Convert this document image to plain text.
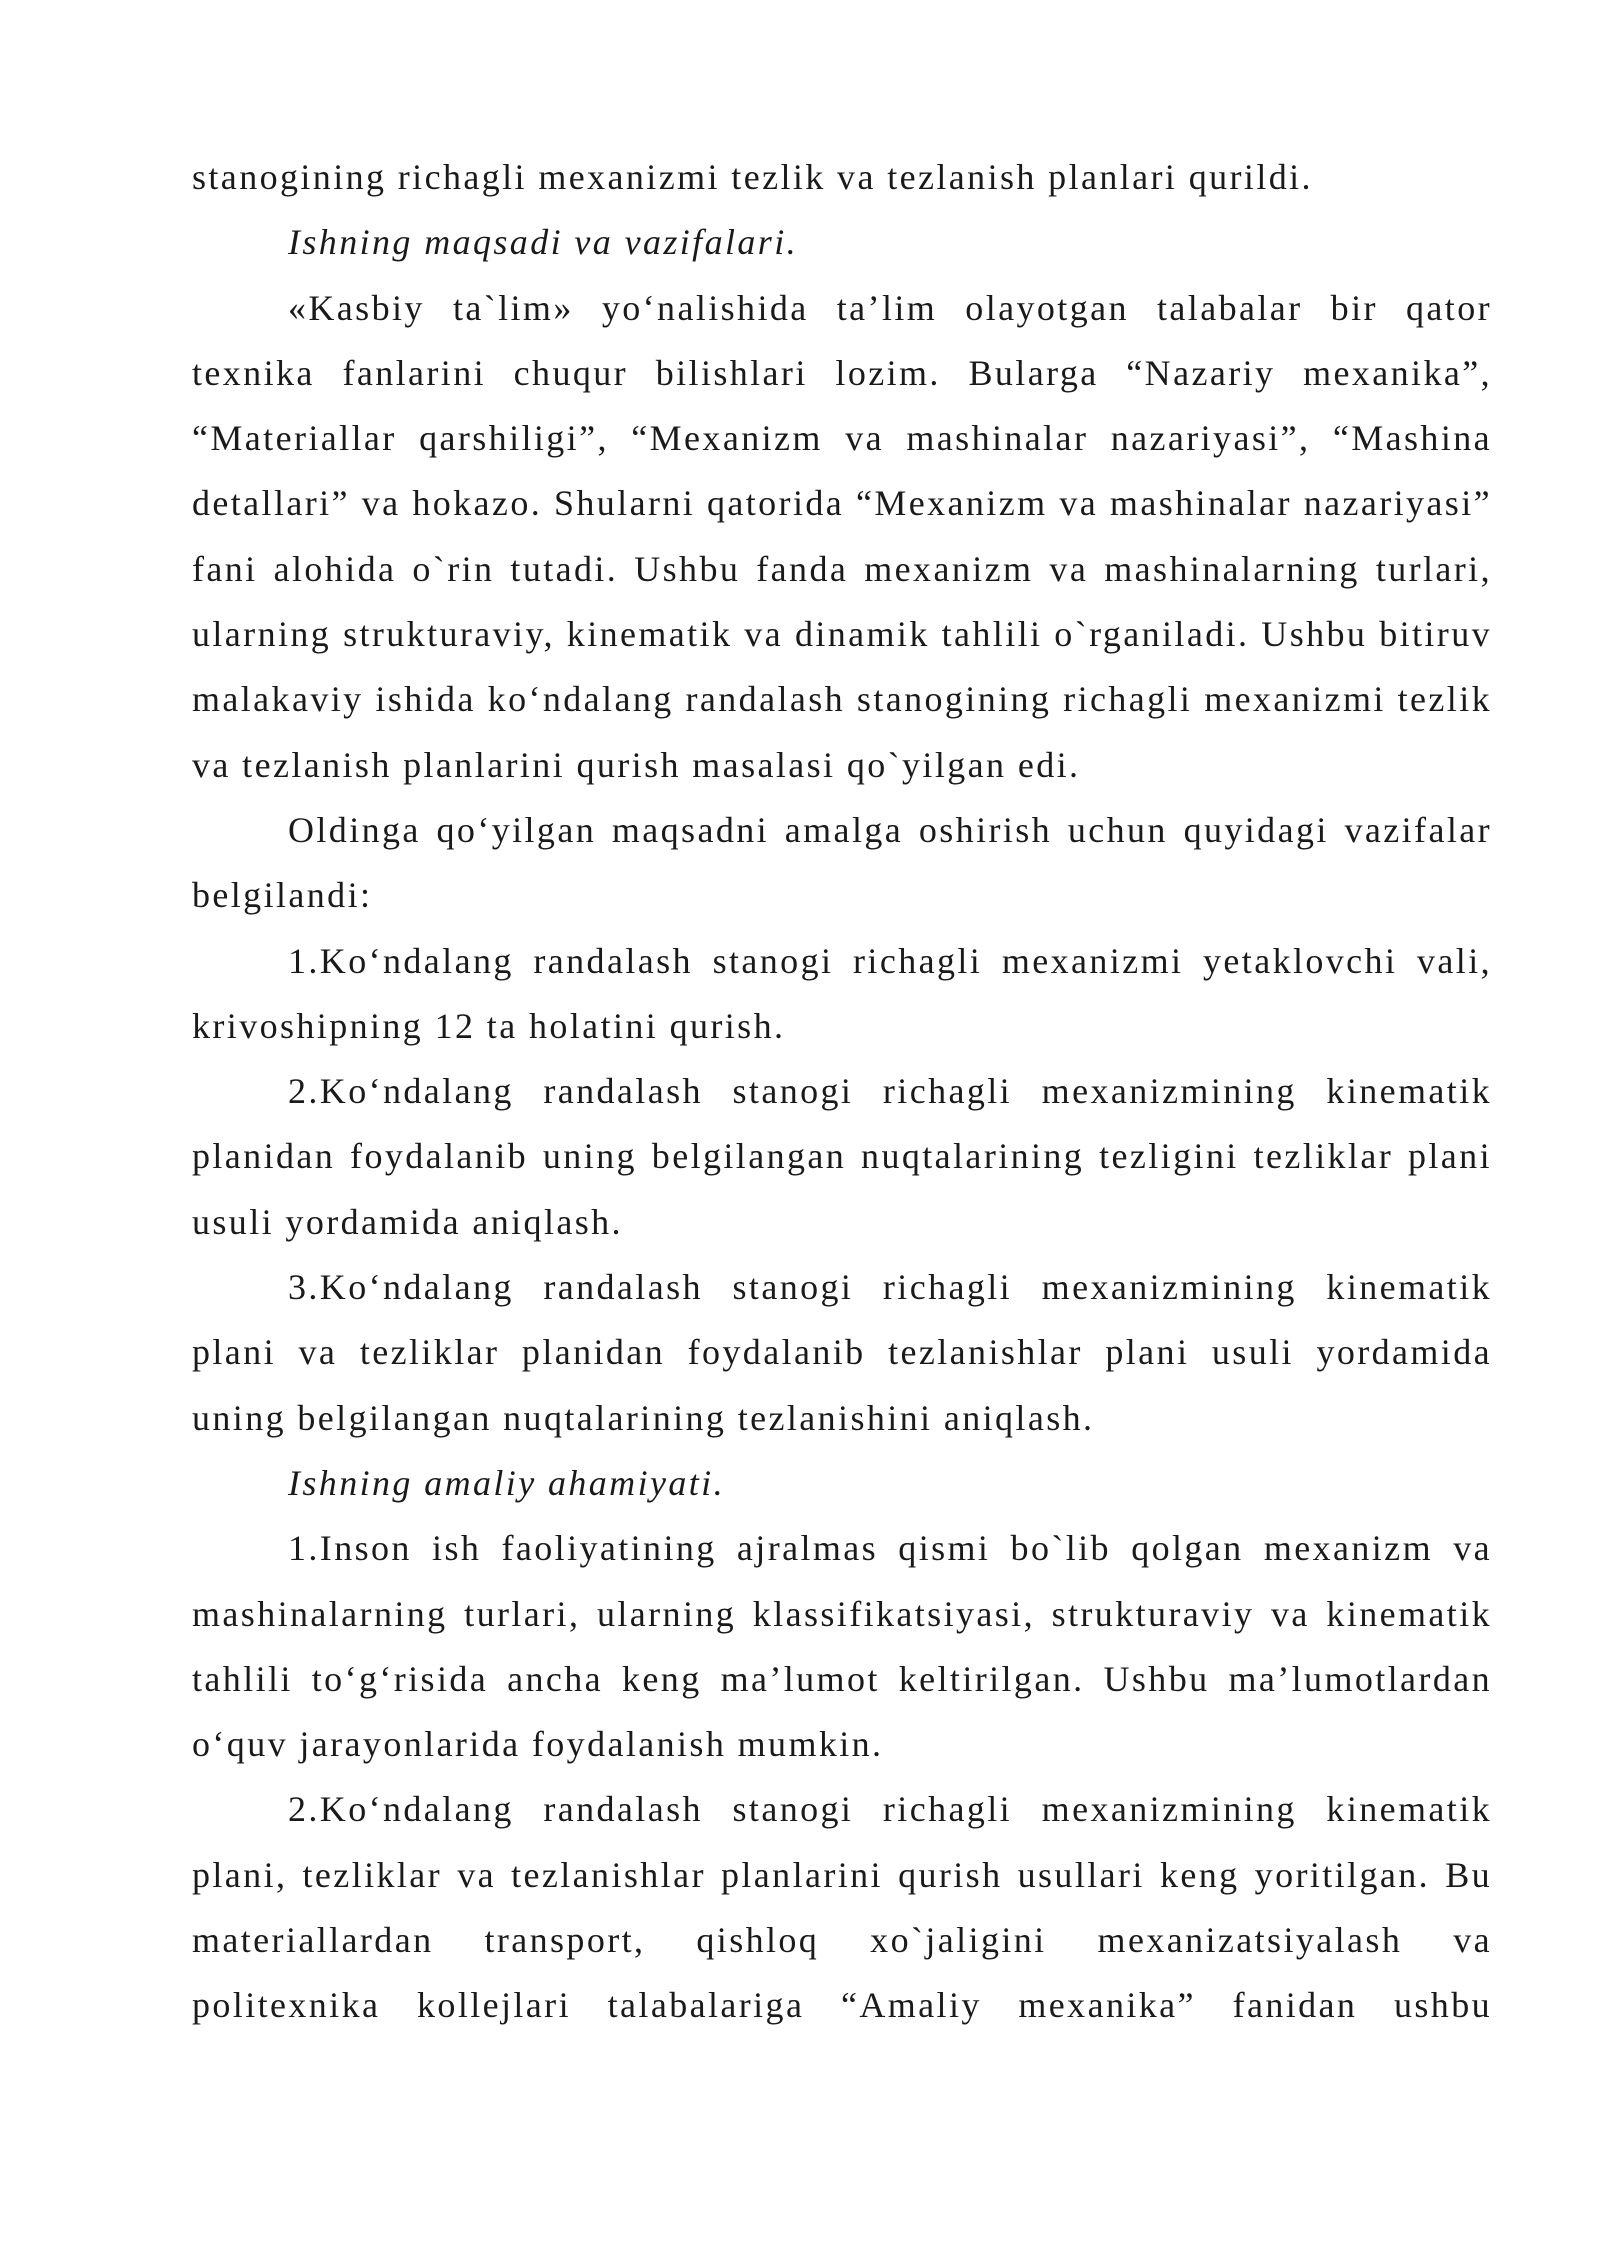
stanogining richagli mexanizmi tezlik va tezlanish planlari qurildi.

Ishning maqsadi va vazifalari.

«Kasbiy ta`lim» yo‘nalishida ta’lim olayotgan talabalar bir qator texnika fanlarini chuqur bilishlari lozim. Bularga “Nazariy mexanika”, “Materiallar qarshiligi”, “Mexanizm va mashinalar nazariyasi”, “Mashina detallari” va hokazo. Shularni qatorida “Mexanizm va mashinalar nazariyasi” fani alohida o`rin tutadi. Ushbu fanda mexanizm va mashinalarning turlari, ularning strukturaviy, kinematik va dinamik tahlili o`rganiladi. Ushbu bitiruv malakaviy ishida ko‘ndalang randalash stanogining richagli mexanizmi tezlik va tezlanish planlarini qurish masalasi qo`yilgan edi.

Oldinga qo‘yilgan maqsadni amalga oshirish uchun quyidagi vazifalar belgilandi:

1.Ko‘ndalang randalash stanogi richagli mexanizmi yetaklovchi vali, krivoshipning 12 ta holatini qurish.

2.Ko‘ndalang randalash stanogi richagli mexanizmining kinematik planidan foydalanib uning belgilangan nuqtalarining tezligini tezliklar plani usuli yordamida aniqlash.

3.Ko‘ndalang randalash stanogi richagli mexanizmining kinematik plani va tezliklar planidan foydalanib tezlanishlar plani usuli yordamida uning belgilangan nuqtalarining tezlanishini aniqlash.

Ishning amaliy ahamiyati.

1.Inson ish faoliyatining ajralmas qismi bo`lib qolgan mexanizm va mashinalarning turlari, ularning klassifikatsiyasi, strukturaviy va kinematik tahlili to‘g‘risida ancha keng ma’lumot keltirilgan. Ushbu ma’lumotlardan o‘quv jarayonlarida foydalanish mumkin.

2.Ko‘ndalang randalash stanogi richagli mexanizmining kinematik plani, tezliklar va tezlanishlar planlarini qurish usullari keng yoritilgan. Bu materiallardan transport, qishloq xo`jaligini mexanizatsiyalash va politexnika kollejlari talabalariga “Amaliy mexanika” fanidan ushbu
